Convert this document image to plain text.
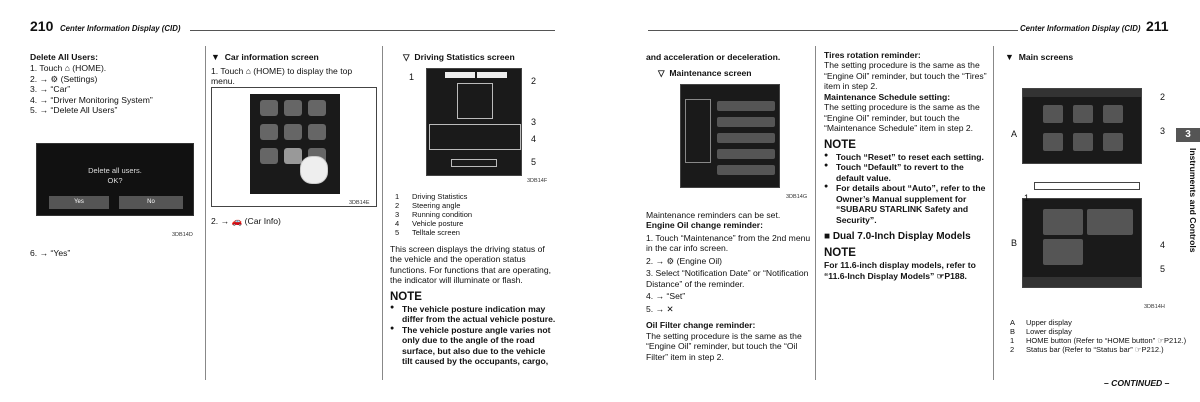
210 Center Information Display (CID)	Center Information Display (CID) 211
Delete All Users:
1. Touch ⌂ (HOME).
2. → ⚙ (Settings)
3. → “Car”
4. → “Driver Monitoring System”
5. → “Delete All Users”
Delete all users.
OK?
Yes	No
3DB14D
6. → “Yes”
▼ Car information screen
1. Touch ⌂ (HOME) to display the top menu.
3DB14E
2. → 🚗 (Car Info)
▽ Driving Statistics screen
1	2
3
4
5
3DB14F
1 Driving Statistics
2 Steering angle
3 Running condition
4 Vehicle posture
5 Telltale screen
This screen displays the driving status of the vehicle and the operation status functions. For functions that are operating, the indicator will illuminate or flash.
NOTE
● The vehicle posture indication may differ from the actual vehicle posture.
● The vehicle posture angle varies not only due to the angle of the road surface, but also due to the vehicle tilt caused by the occupants, cargo,
and acceleration or deceleration.
▽ Maintenance screen
3DB14G
Maintenance reminders can be set.
Engine Oil change reminder:
1. Touch “Maintenance” from the 2nd menu in the car info screen.
2. → ⚙ (Engine Oil)
3. Select “Notification Date” or “Notification Distance” of the reminder.
4. → “Set”
5. → ✕
Oil Filter change reminder:
The setting procedure is the same as the “Engine Oil” reminder, but touch the “Oil Filter” item in step 2.
Tires rotation reminder:
The setting procedure is the same as the “Engine Oil” reminder, but touch the “Tires” item in step 2.
Maintenance Schedule setting:
The setting procedure is the same as the “Engine Oil” reminder, but touch the “Maintenance Schedule” item in step 2.
NOTE
● Touch “Reset” to reset each setting.
● Touch “Default” to revert to the default value.
● For details about “Auto”, refer to the Owner’s Manual supplement for “SUBARU STARLINK Safety and Security”.
■ Dual 7.0-Inch Display Models
NOTE
For 11.6-inch display models, refer to “11.6-Inch Display Models” ☞P188.
▼ Main screens
A
B
1
2
3
4
5
3DB14H
A Upper display
B Lower display
1 HOME button (Refer to “HOME button” ☞P212.)
2 Status bar (Refer to “Status bar” ☞P212.)
– CONTINUED –
3
Instruments and Controls
